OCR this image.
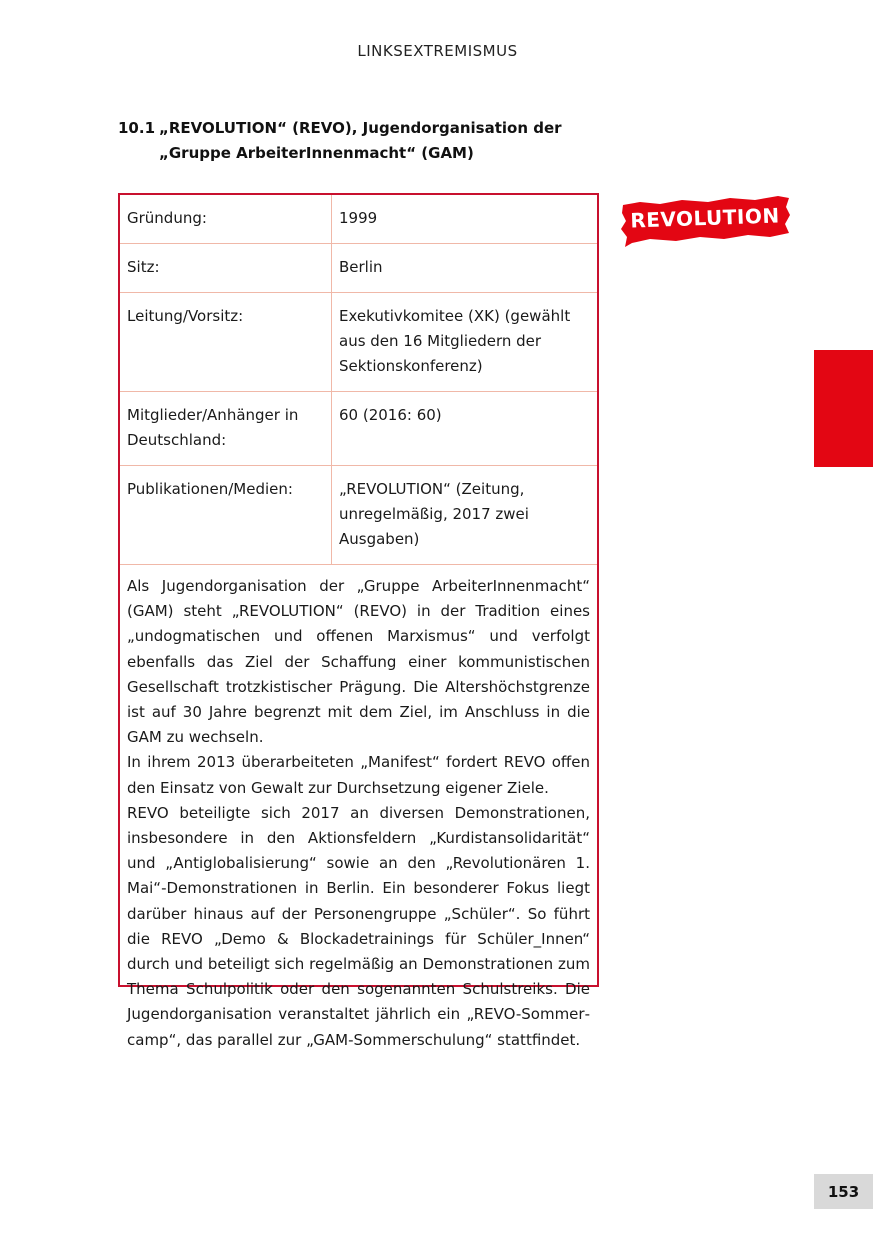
LINKSEXTREMISMUS
10.1 „REVOLUTION“ (REVO), Jugendorganisation der „Gruppe ArbeiterInnenmacht“ (GAM)
Gründung:	1999
Sitz:	Berlin
Leitung/Vorsitz:	Exekutivkomitee (XK) (gewählt aus den 16 Mitgliedern der Sektionskonferenz)
Mitglieder/Anhänger in Deutschland:	60 (2016: 60)
Publikationen/Medien:	„REVOLUTION“ (Zeitung, unregelmäßig, 2017 zwei Ausgaben)

Als Jugendorganisation der „Gruppe ArbeiterInnenmacht“ (GAM) steht „REVOLUTION“ (REVO) in der Tradition eines „undogmatischen und offenen Marxismus“ und verfolgt ebenfalls das Ziel der Schaffung einer kommunistischen Gesellschaft trotzkistischer Prägung. Die Altershöchstgrenze ist auf 30 Jahre begrenzt mit dem Ziel, im Anschluss in die GAM zu wechseln.

In ihrem 2013 überarbeiteten „Manifest“ fordert REVO offen den Einsatz von Gewalt zur Durchsetzung eigener Ziele.

REVO beteiligte sich 2017 an diversen Demonstrationen, insbesondere in den Aktionsfeldern „Kurdistansolidarität“ und „Antiglobalisierung“ sowie an den „Revolutionären 1. Mai“-Demonstrationen in Berlin. Ein besonderer Fokus liegt darüber hinaus auf der Personengruppe „Schüler“. So führt die REVO „Demo & Blockadetrainings für Schüler_Innen“ durch und beteiligt sich regelmäßig an Demonstrationen zum Thema Schulpolitik oder den sogenannten Schulstreiks. Die Jugendorganisation veranstaltet jährlich ein „REVO-Sommercamp“, das parallel zur „GAM-Sommerschulung“ stattfindet.

REVOLUTION
153
